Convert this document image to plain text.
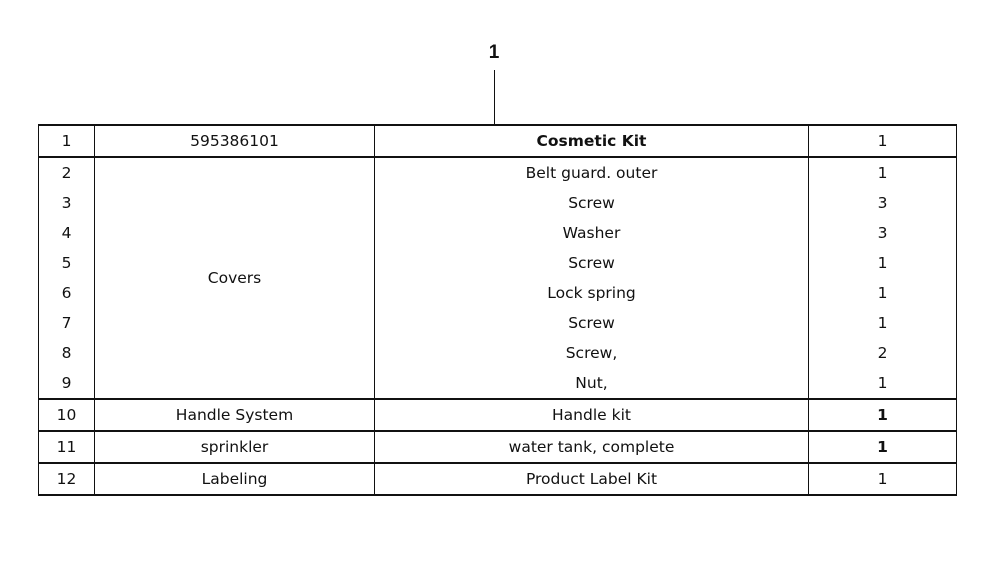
1
1	595386101	Cosmetic Kit	1
2	Covers	Belt guard. outer	1
3		Screw	3
4		Washer	3
5		Screw	1
6		Lock spring	1
7		Screw	1
8		Screw,	2
9		Nut,	1
10	Handle System	Handle kit	1
11	sprinkler	water tank, complete	1
12	Labeling	Product Label Kit	1
